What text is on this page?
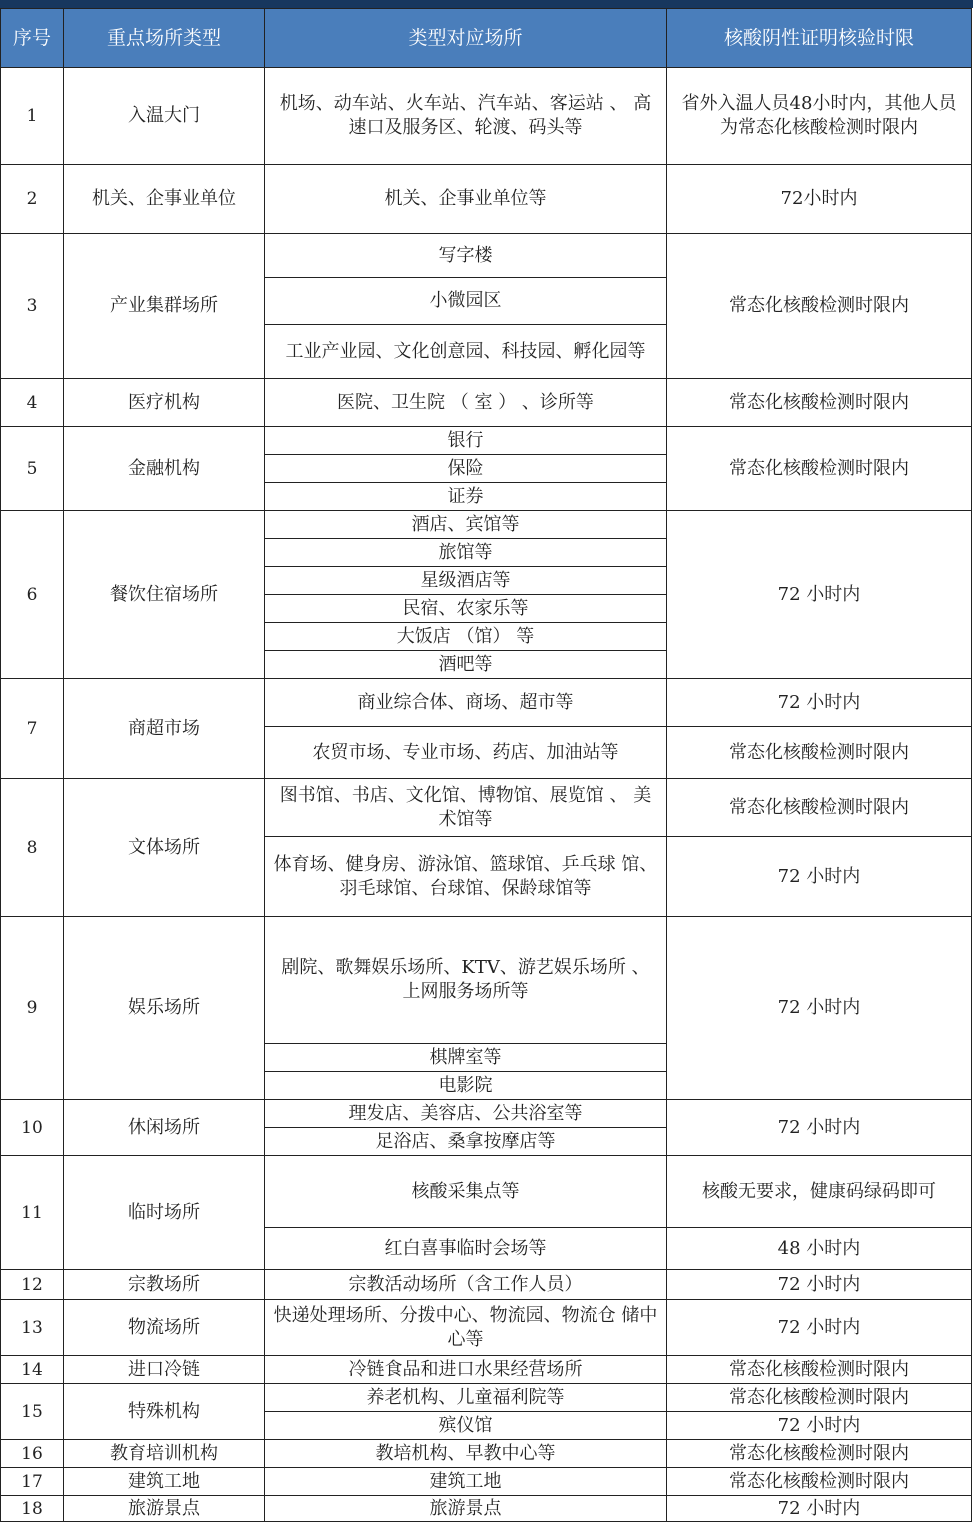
序号	重点场所类型	类型对应场所	核酸阴性证明核验时限
1	入温大门	机场、动车站、火车站、汽车站、客运站 、 高速口及服务区、轮渡、码头等	省外入温人员48小时内，其他人员为常态化核酸检测时限内
2	机关、企事业单位	机关、企事业单位等	72小时内
3	产业集群场所	写字楼	常态化核酸检测时限内
		小微园区	
		工业产业园、文化创意园、科技园、孵化园等	
4	医疗机构	医院、卫生院 （ 室 ） 、诊所等	常态化核酸检测时限内
5	金融机构	银行	常态化核酸检测时限内
		保险	
		证券	
6	餐饮住宿场所	酒店、宾馆等	72 小时内
		旅馆等	
		星级酒店等	
		民宿、农家乐等	
		大饭店 （馆） 等	
		酒吧等	
7	商超市场	商业综合体、商场、超市等	72 小时内
		农贸市场、专业市场、药店、加油站等	常态化核酸检测时限内
8	文体场所	图书馆、书店、文化馆、博物馆、展览馆 、 美术馆等	常态化核酸检测时限内
		体育场、健身房、游泳馆、篮球馆、乒乓球 馆、羽毛球馆、台球馆、保龄球馆等	72 小时内
9	娱乐场所	剧院、歌舞娱乐场所、KTV、游艺娱乐场所 、 上网服务场所等	72 小时内
		棋牌室等	
		电影院	
10	休闲场所	理发店、美容店、公共浴室等	72 小时内
		足浴店、桑拿按摩店等	
11	临时场所	核酸采集点等	核酸无要求，健康码绿码即可
		红白喜事临时会场等	48 小时内
12	宗教场所	宗教活动场所（含工作人员）	72 小时内
13	物流场所	快递处理场所、分拨中心、物流园、物流仓 储中心等	72 小时内
14	进口冷链	冷链食品和进口水果经营场所	常态化核酸检测时限内
15	特殊机构	养老机构、儿童福利院等	常态化核酸检测时限内
		殡仪馆	72 小时内
16	教育培训机构	教培机构、早教中心等	常态化核酸检测时限内
17	建筑工地	建筑工地	常态化核酸检测时限内
18	旅游景点	旅游景点	72 小时内
